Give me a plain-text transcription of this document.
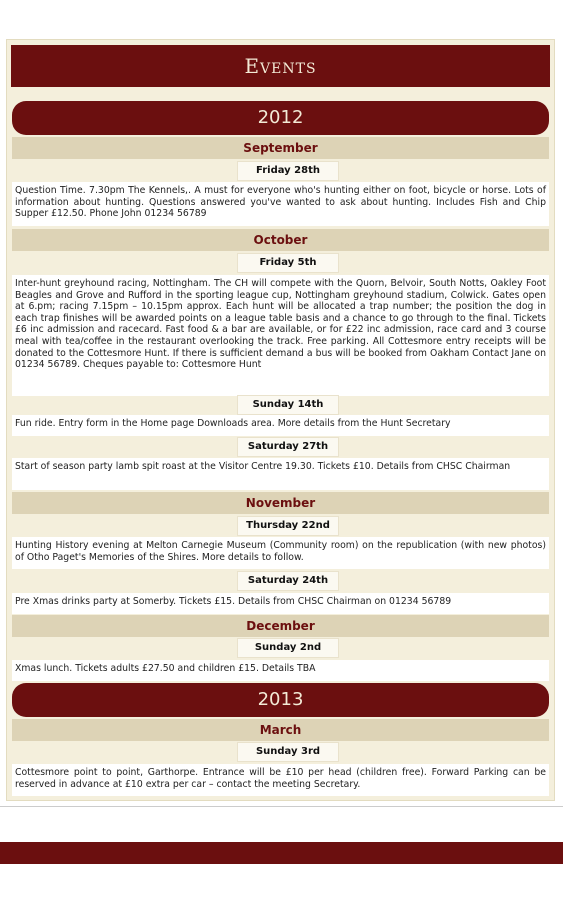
Events
2012
September
Friday 28th
Question Time. 7.30pm The Kennels,. A must for everyone who's hunting either on foot, bicycle or horse. Lots of information about hunting. Questions answered you've wanted to ask about hunting. Includes Fish and Chip Supper £12.50. Phone John 01234 56789
October
Friday 5th
Inter-hunt greyhound racing, Nottingham. The CH will compete with the Quorn, Belvoir, South Notts, Oakley Foot Beagles and Grove and Rufford in the sporting league cup, Nottingham greyhound stadium, Colwick. Gates open at 6.pm; racing 7.15pm – 10.15pm approx. Each hunt will be allocated a trap number; the position the dog in each trap finishes will be awarded points on a league table basis and a chance to go through to the final. Tickets £6 inc admission and racecard. Fast food & a bar are available, or for £22 inc admission, race card and 3 course meal with tea/coffee in the restaurant overlooking the track. Free parking. All Cottesmore entry receipts will be donated to the Cottesmore Hunt. If there is sufficient demand a bus will be booked from Oakham Contact Jane on 01234 56789. Cheques payable to: Cottesmore Hunt
Sunday 14th
Fun ride. Entry form in the Home page Downloads area. More details from the Hunt Secretary
Saturday 27th
Start of season party lamb spit roast at the Visitor Centre 19.30. Tickets £10. Details from CHSC Chairman
November
Thursday 22nd
Hunting History evening at Melton Carnegie Museum (Community room) on the republication (with new photos) of Otho Paget's Memories of the Shires. More details to follow.
Saturday 24th
Pre Xmas drinks party at Somerby. Tickets £15. Details from CHSC Chairman on 01234 56789
December
Sunday 2nd
Xmas lunch. Tickets adults £27.50 and children £15. Details TBA
2013
March
Sunday 3rd
Cottesmore point to point, Garthorpe. Entrance will be £10 per head (children free). Forward Parking can be reserved in advance at £10 extra per car – contact the meeting Secretary.
